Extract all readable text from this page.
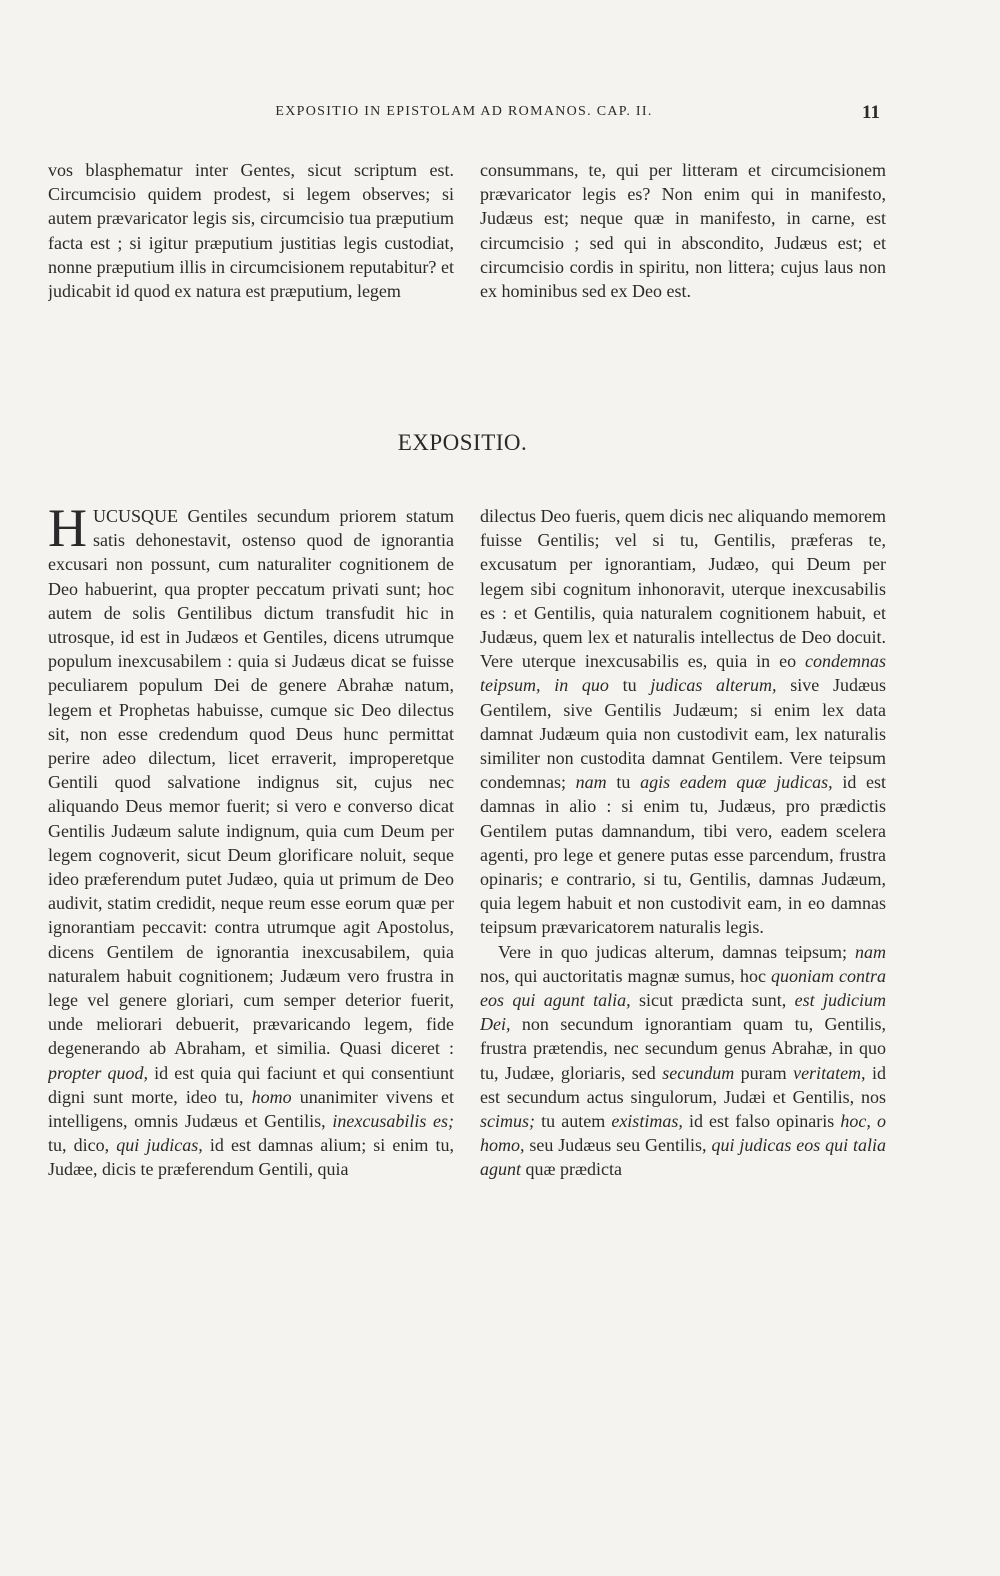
EXPOSITIO IN EPISTOLAM AD ROMANOS. CAP. II.	11

vos blasphematur inter Gentes, sicut scriptum est. Circumcisio quidem prodest, si legem observes; si autem prævaricator legis sis, circumcisio tua præputium facta est ; si igitur præputium justitias legis custodiat, nonne præputium illis in circumcisionem reputabitur? et judicabit id quod ex natura est præputium, legem

consummans, te, qui per litteram et circumcisionem prævaricator legis es? Non enim qui in manifesto, Judæus est; neque quæ in manifesto, in carne, est circumcisio ; sed qui in abscondito, Judæus est; et circumcisio cordis in spiritu, non littera; cujus laus non ex hominibus sed ex Deo est.

EXPOSITIO.

H UCUSQUE Gentiles secundum priorem statum satis dehonestavit, ostenso quod de ignorantia excusari non possunt, cum naturaliter cognitionem de Deo habuerint, qua propter peccatum privati sunt; hoc autem de solis Gentilibus dictum transfudit hic in utrosque, id est in Judæos et Gentiles, dicens utrumque populum inexcusabilem : quia si Judæus dicat se fuisse peculiarem populum Dei de genere Abrahæ natum, legem et Prophetas habuisse, cumque sic Deo dilectus sit, non esse credendum quod Deus hunc permittat perire adeo dilectum, licet erraverit, improperetque Gentili quod salvatione indignus sit, cujus nec aliquando Deus memor fuerit; si vero e converso dicat Gentilis Judæum salute indignum, quia cum Deum per legem cognoverit, sicut Deum glorificare noluit, seque ideo præferendum putet Judæo, quia ut primum de Deo audivit, statim credidit, neque reum esse eorum quæ per ignorantiam peccavit: contra utrumque agit Apostolus, dicens Gentilem de ignorantia inexcusabilem, quia naturalem habuit cognitionem; Judæum vero frustra in lege vel genere gloriari, cum semper deterior fuerit, unde meliorari debuerit, prævaricando legem, fide degenerando ab Abraham, et similia. Quasi diceret : propter quod, id est quia qui faciunt et qui consentiunt digni sunt morte, ideo tu, homo unanimiter vivens et intelligens, omnis Judæus et Gentilis, inexcusabilis es; tu, dico, qui judicas, id est damnas alium; si enim tu, Judæe, dicis te præferendum Gentili, quia

dilectus Deo fueris, quem dicis nec aliquando memorem fuisse Gentilis; vel si tu, Gentilis, præferas te, excusatum per ignorantiam, Judæo, qui Deum per legem sibi cognitum inhonoravit, uterque inexcusabilis es : et Gentilis, quia naturalem cognitionem habuit, et Judæus, quem lex et naturalis intellectus de Deo docuit. Vere uterque inexcusabilis es, quia in eo condemnas teipsum, in quo tu judicas alterum, sive Judæus Gentilem, sive Gentilis Judæum; si enim lex data damnat Judæum quia non custodivit eam, lex naturalis similiter non custodita damnat Gentilem. Vere teipsum condemnas; nam tu agis eadem quæ judicas, id est damnas in alio : si enim tu, Judæus, pro prædictis Gentilem putas damnandum, tibi vero, eadem scelera agenti, pro lege et genere putas esse parcendum, frustra opinaris; e contrario, si tu, Gentilis, damnas Judæum, quia legem habuit et non custodivit eam, in eo damnas teipsum prævaricatorem naturalis legis.

Vere in quo judicas alterum, damnas teipsum; nam nos, qui auctoritatis magnæ sumus, hoc quoniam contra eos qui agunt talia, sicut prædicta sunt, est judicium Dei, non secundum ignorantiam quam tu, Gentilis, frustra prætendis, nec secundum genus Abrahæ, in quo tu, Judæe, gloriaris, sed secundum puram veritatem, id est secundum actus singulorum, Judæi et Gentilis, nos scimus; tu autem existimas, id est falso opinaris hoc, o homo, seu Judæus seu Gentilis, qui judicas eos qui talia agunt quæ prædicta
